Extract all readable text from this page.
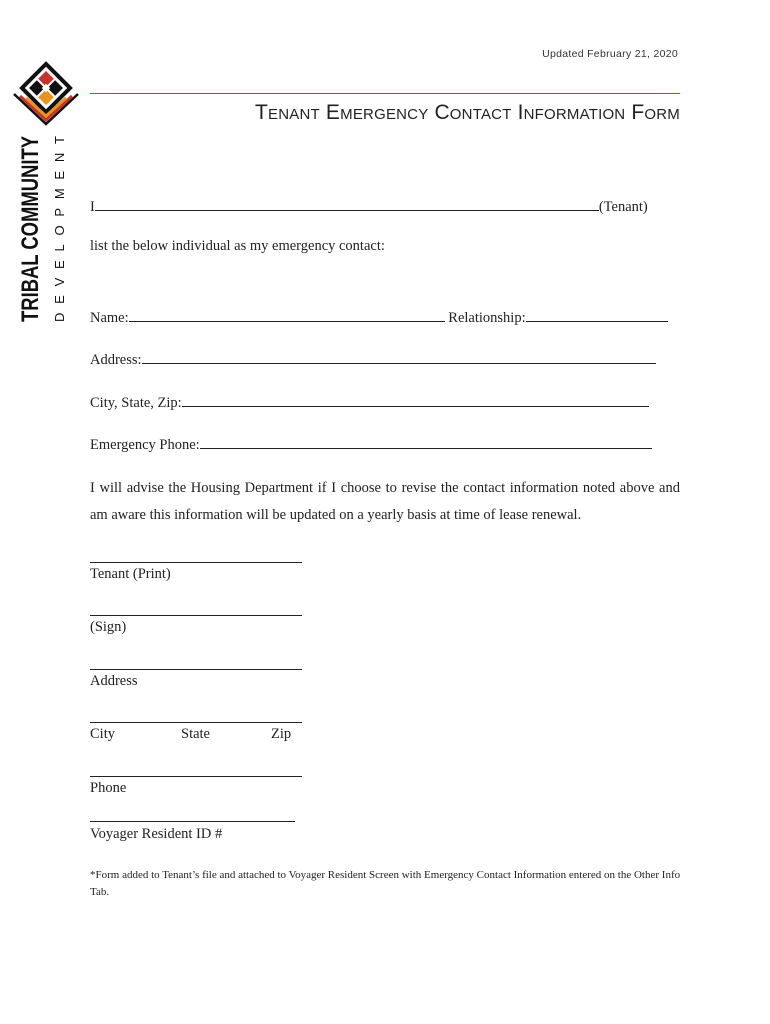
Updated February 21, 2020
Tenant Emergency Contact Information Form
TRIBAL COMMUNITY DEVELOPMENT
I	(Tenant)
list the below individual as my emergency contact:
Name:	Relationship:
Address:
City, State, Zip:
Emergency Phone:
I will advise the Housing Department if I choose to revise the contact information noted above and am aware this information will be updated on a yearly basis at time of lease renewal.
Tenant (Print)
(Sign)
Address
City	State	Zip
Phone
Voyager Resident ID #
*Form added to Tenant’s file and attached to Voyager Resident Screen with Emergency Contact Information entered on the Other Info Tab.
